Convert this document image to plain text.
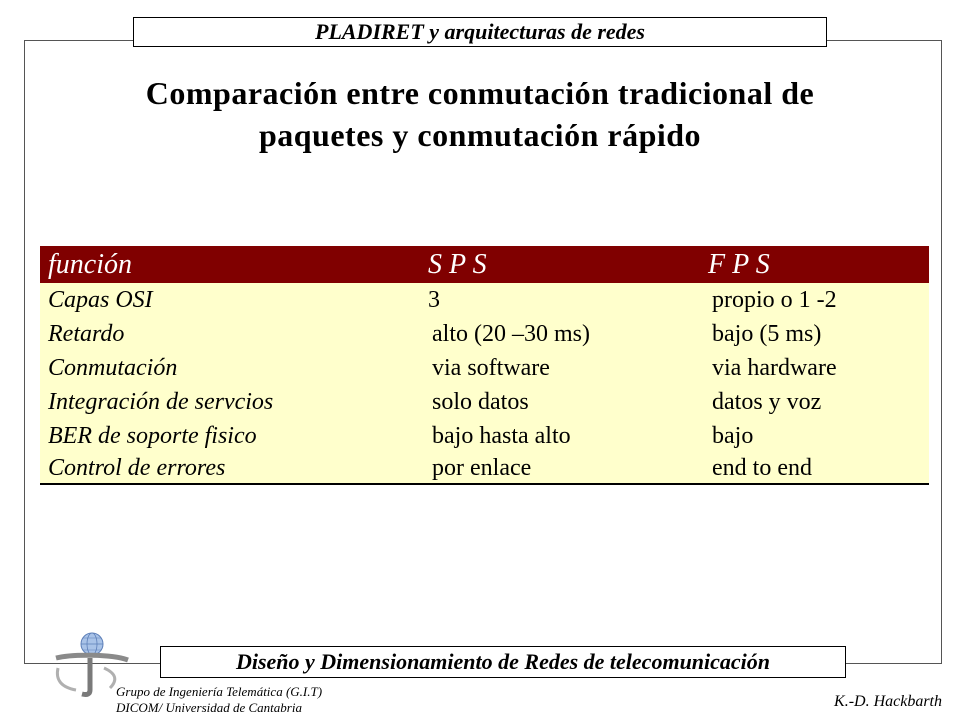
PLADIRET y arquitecturas de redes
Comparación entre conmutación tradicional de
paquetes y conmutación rápido
función	S P S	F P S
Capas OSI	3	propio o 1 -2
Retardo	alto (20 –30 ms)	bajo (5 ms)
Conmutación	via software	via hardware
Integración de servcios	solo datos	datos y voz
BER de soporte fisico	bajo hasta alto	bajo
Control de errores	por enlace	end to end
Diseño y Dimensionamiento de Redes de telecomunicación
Grupo de Ingeniería Telemática (G.I.T)
DICOM/ Universidad de Cantabria	K.-D. Hackbarth
